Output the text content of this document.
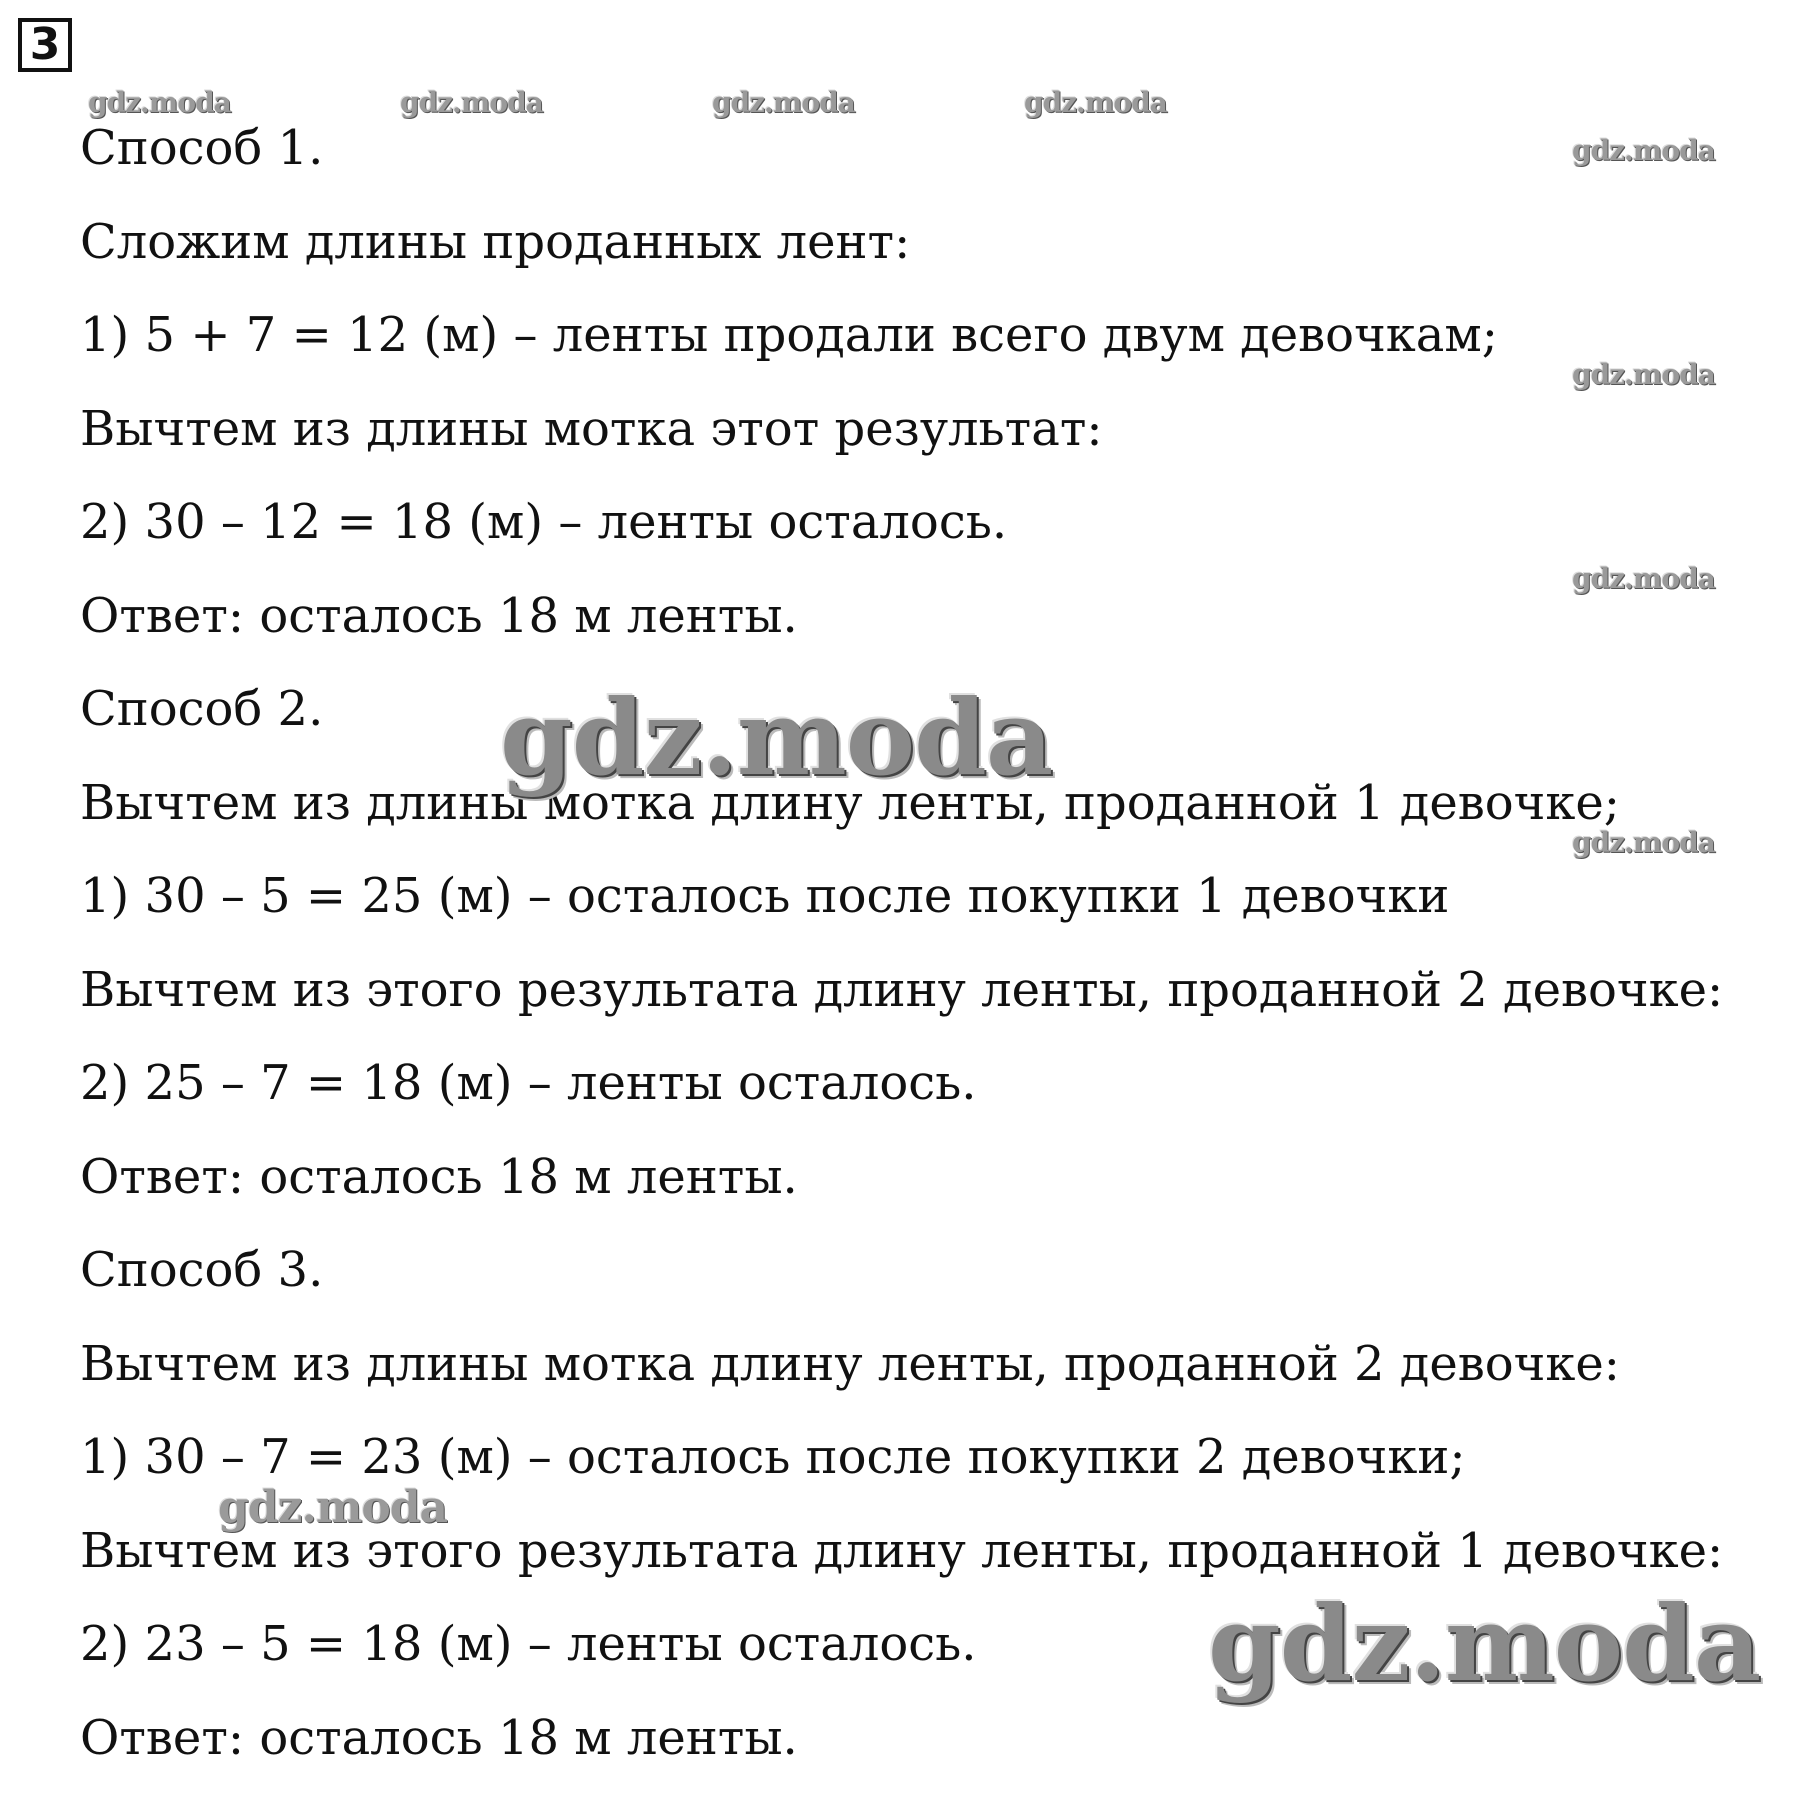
3
Способ 1.
Сложим длины проданных лент:
1) 5 + 7 = 12 (м) – ленты продали всего двум девочкам;
Вычтем из длины мотка этот результат:
2) 30 – 12 = 18 (м) – ленты осталось.
Ответ: осталось 18 м ленты.
Способ 2.
Вычтем из длины мотка длину ленты, проданной 1 девочке;
1) 30 – 5 = 25 (м) – осталось после покупки 1 девочки
Вычтем из этого результата длину ленты, проданной 2 девочке:
2) 25 – 7 = 18 (м) – ленты осталось.
Ответ: осталось 18 м ленты.
Способ 3.
Вычтем из длины мотка длину ленты, проданной 2 девочке:
1) 30 – 7 = 23 (м) – осталось после покупки 2 девочки;
Вычтем из этого результата длину ленты, проданной 1 девочке:
2) 23 – 5 = 18 (м) – ленты осталось.
Ответ: осталось 18 м ленты.
gdz.moda	gdz.moda	gdz.moda	gdz.moda
gdz.moda
gdz.moda
gdz.moda
gdz.moda
gdz.moda
gdz.moda
gdz.moda
